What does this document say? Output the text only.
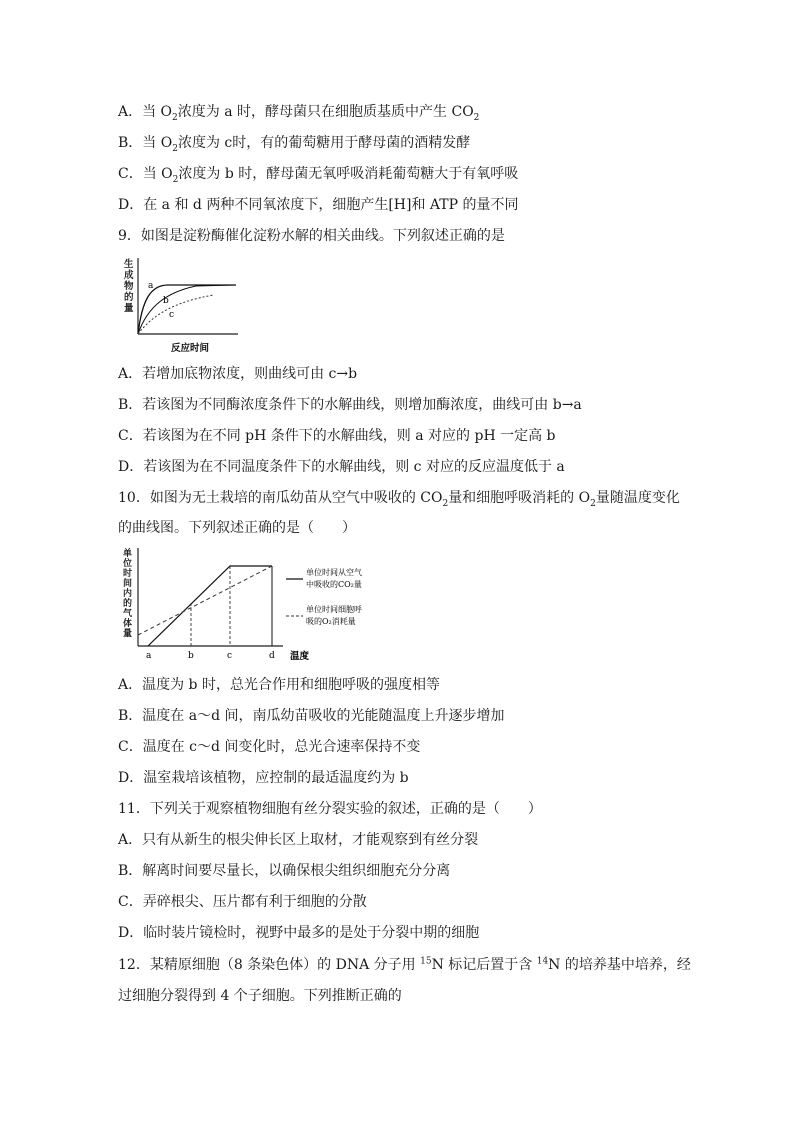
A．当 $O_2$浓度为 a 时，酵母菌只在细胞质基质中产生 $CO_2$
B．当 $O_2$浓度为 c时，有的葡萄糖用于酵母菌的酒精发酵
C．当 $O_2$浓度为 b 时，酵母菌无氧呼吸消耗葡萄糖大于有氧呼吸
D．在 a 和 d 两种不同氧浓度下，细胞产生[H]和 ATP 的量不同
9．如图是淀粉酶催化淀粉水解的相关曲线。下列叙述正确的是
生
成
物
的
量
a
b
c
反应时间
A．若增加底物浓度，则曲线可由 c→b
B．若该图为不同酶浓度条件下的水解曲线，则增加酶浓度，曲线可由 b→a
C．若该图为在不同 pH 条件下的水解曲线，则 a 对应的 pH 一定高 b
D．若该图为在不同温度条件下的水解曲线，则 c 对应的反应温度低于 a
10．如图为无土栽培的南瓜幼苗从空气中吸收的 $CO_2$量和细胞呼吸消耗的 $O_2$量随温度变化
的曲线图。下列叙述正确的是（　　）
单
位
时
间
内
的
气
体
量
a	b	c	d 温度
单位时间从空气
中吸收的CO₂量
单位时间细胞呼
吸的O₂消耗量
A．温度为 b 时，总光合作用和细胞呼吸的强度相等
B．温度在 a～d 间，南瓜幼苗吸收的光能随温度上升逐步增加
C．温度在 c～d 间变化时，总光合速率保持不变
D．温室栽培该植物，应控制的最适温度约为 b
11．下列关于观察植物细胞有丝分裂实验的叙述，正确的是（　　）
A．只有从新生的根尖伸长区上取材，才能观察到有丝分裂
B．解离时间要尽量长，以确保根尖组织细胞充分分离
C．弄碎根尖、压片都有利于细胞的分散
D．临时装片镜检时，视野中最多的是处于分裂中期的细胞
12．某精原细胞（8 条染色体）的 DNA 分子用 $^{15}$N 标记后置于含 $^{14}$N 的培养基中培养，经
过细胞分裂得到 4 个子细胞。下列推断正确的
